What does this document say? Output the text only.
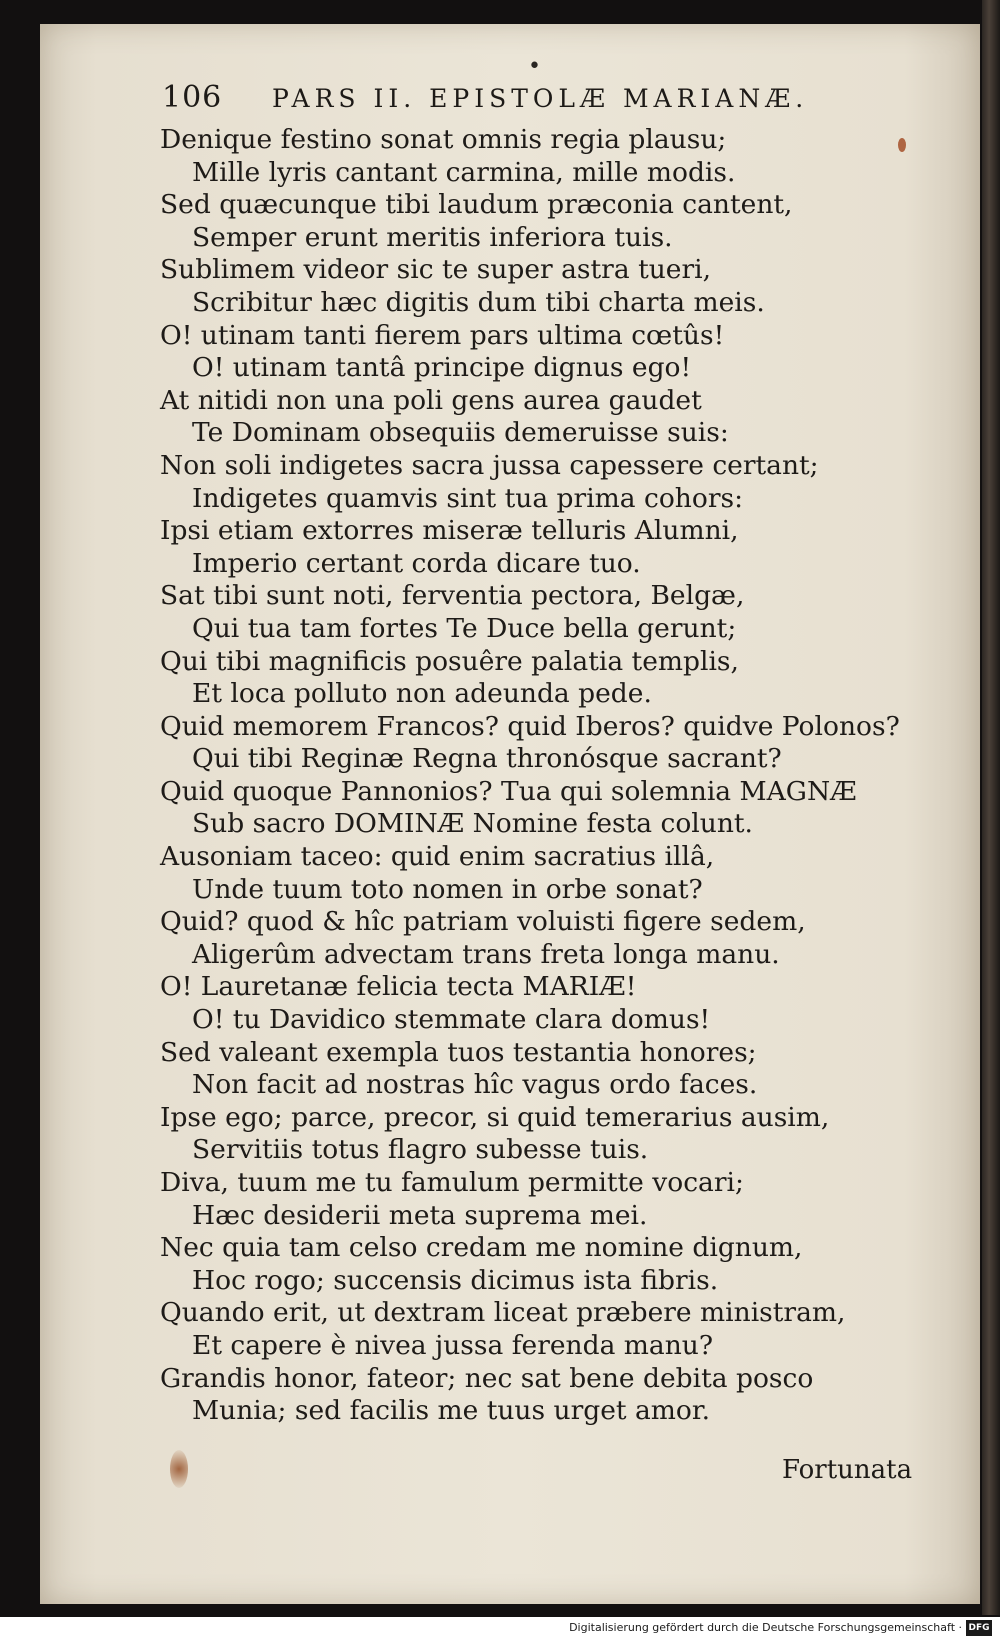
•
106 PARS II. EPISTOLÆ MARIANÆ.
Denique festino sonat omnis regia plausu;
Mille lyris cantant carmina, mille modis.
Sed quæcunque tibi laudum præconia cantent,
Semper erunt meritis inferiora tuis.
Sublimem videor sic te super astra tueri,
Scribitur hæc digitis dum tibi charta meis.
O! utinam tanti fierem pars ultima cœtûs!
O! utinam tantâ principe dignus ego!
At nitidi non una poli gens aurea gaudet
Te Dominam obsequiis demeruisse suis:
Non soli indigetes sacra jussa capessere certant;
Indigetes quamvis sint tua prima cohors:
Ipsi etiam extorres miseræ telluris Alumni,
Imperio certant corda dicare tuo.
Sat tibi sunt noti, ferventia pectora, Belgæ,
Qui tua tam fortes Te Duce bella gerunt;
Qui tibi magnificis posuêre palatia templis,
Et loca polluto non adeunda pede.
Quid memorem Francos? quid Iberos? quidve Polonos?
Qui tibi Reginæ Regna thronósque sacrant?
Quid quoque Pannonios? Tua qui solemnia MAGNÆ
Sub sacro DOMINÆ Nomine festa colunt.
Ausoniam taceo: quid enim sacratius illâ,
Unde tuum toto nomen in orbe sonat?
Quid? quod & hîc patriam voluisti figere sedem,
Aligerûm advectam trans freta longa manu.
O! Lauretanæ felicia tecta MARIÆ!
O! tu Davidico stemmate clara domus!
Sed valeant exempla tuos testantia honores;
Non facit ad nostras hîc vagus ordo faces.
Ipse ego; parce, precor, si quid temerarius ausim,
Servitiis totus flagro subesse tuis.
Diva, tuum me tu famulum permitte vocari;
Hæc desiderii meta suprema mei.
Nec quia tam celso credam me nomine dignum,
Hoc rogo; succensis dicimus ista fibris.
Quando erit, ut dextram liceat præbere ministram,
Et capere è nivea jussa ferenda manu?
Grandis honor, fateor; nec sat bene debita posco
Munia; sed facilis me tuus urget amor.
Fortunata
Digitalisierung gefördert durch die Deutsche Forschungsgemeinschaft · DFG
